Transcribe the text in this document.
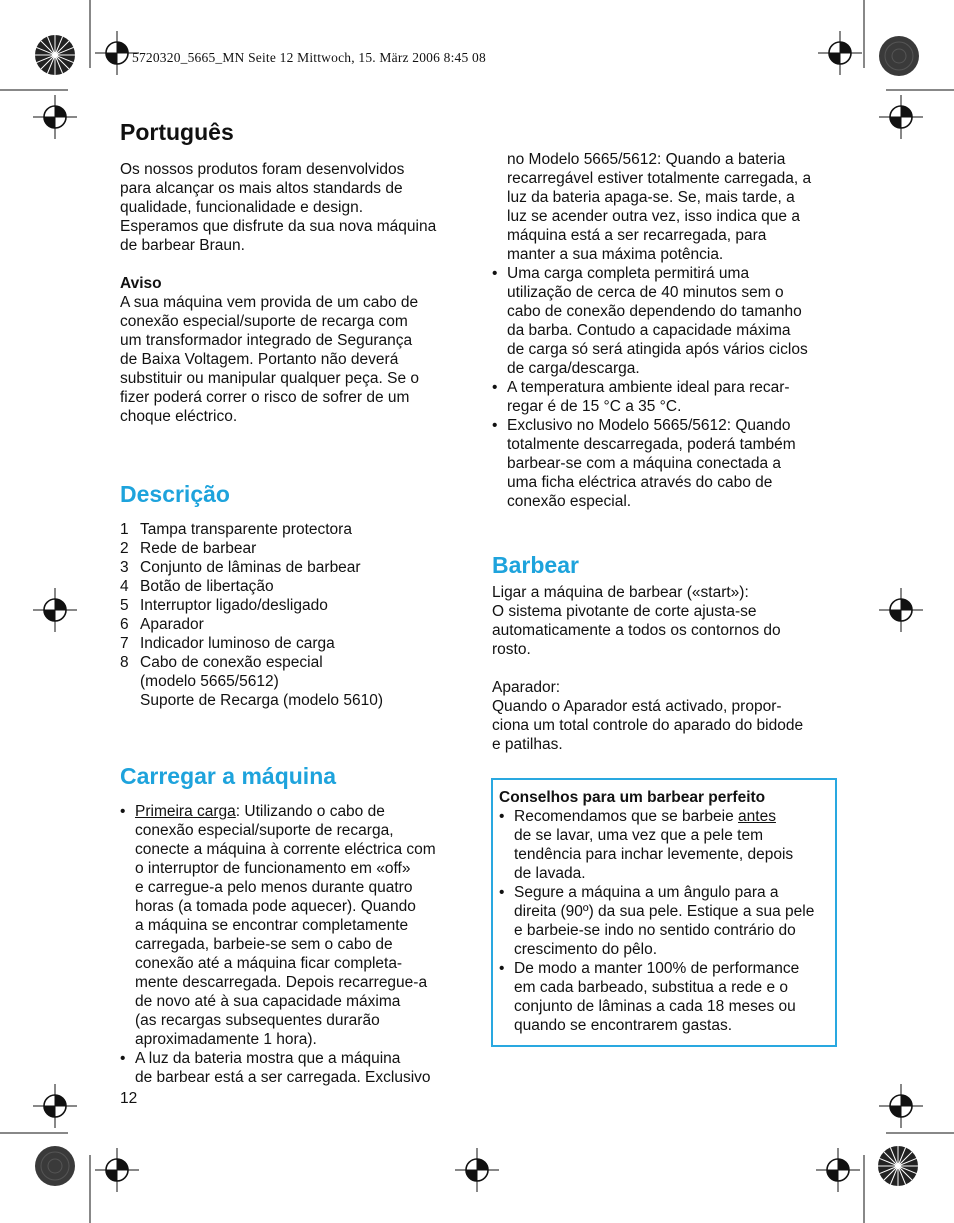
5720320_5665_MN Seite 12 Mittwoch, 15. März 2006 8:45 08
Português

Os nossos produtos foram desenvolvidos

para alcançar os mais altos standards de

qualidade, funcionalidade e design.

Esperamos que disfrute da sua nova máquina

de barbear Braun.

Aviso

A sua máquina vem provida de um cabo de

conexão especial/suporte de recarga com

um transformador integrado de Segurança

de Baixa Voltagem. Portanto não deverá

substituir ou manipular qualquer peça. Se o

fizer poderá correr o risco de sofrer de um

choque eléctrico.

Descrição
1 Tampa transparente protectora
2 Rede de barbear
3 Conjunto de lâminas de barbear
4 Botão de libertação
5 Interruptor ligado/desligado
6 Aparador
7 Indicador luminoso de carga
8 Cabo de conexão especial
(modelo 5665/5612)
Suporte de Recarga (modelo 5610)
Carregar a máquina
• Primeira carga: Utilizando o cabo de
conexão especial/suporte de recarga,
conecte a máquina à corrente eléctrica com
o interruptor de funcionamento em «off»
e carregue-a pelo menos durante quatro
horas (a tomada pode aquecer). Quando
a máquina se encontrar completamente
carregada, barbeie-se sem o cabo de
conexão até a máquina ficar completa-
mente descarregada. Depois recarregue-a
de novo até à sua capacidade máxima
(as recargas subsequentes durarão
aproximadamente 1 hora).
• A luz da bateria mostra que a máquina
de barbear está a ser carregada. Exclusivo
12

no Modelo 5665/5612: Quando a bateria

recarregável estiver totalmente carregada, a

luz da bateria apaga-se. Se, mais tarde, a

luz se acender outra vez, isso indica que a

máquina está a ser recarregada, para

manter a sua máxima potência.

• Uma carga completa permitirá uma
utilização de cerca de 40 minutos sem o
cabo de conexão dependendo do tamanho
da barba. Contudo a capacidade máxima
de carga só será atingida após vários ciclos
de carga/descarga.
• A temperatura ambiente ideal para recar-
regar é de 15 °C a 35 °C.
• Exclusivo no Modelo 5665/5612: Quando
totalmente descarregada, poderá também
barbear-se com a máquina conectada a
uma ficha eléctrica através do cabo de
conexão especial.
Barbear

Ligar a máquina de barbear («start»):

O sistema pivotante de corte ajusta-se

automaticamente a todos os contornos do

rosto.

Aparador:

Quando o Aparador está activado, propor-

ciona um total controle do aparado do bidode

e patilhas.

Conselhos para um barbear perfeito

• Recomendamos que se barbeie antes
de se lavar, uma vez que a pele tem
tendência para inchar levemente, depois
de lavada.
• Segure a máquina a um ângulo para a
direita (90º) da sua pele. Estique a sua pele
e barbeie-se indo no sentido contrário do
crescimento do pêlo.
• De modo a manter 100% de performance
em cada barbeado, substitua a rede e o
conjunto de lâminas a cada 18 meses ou
quando se encontrarem gastas.
